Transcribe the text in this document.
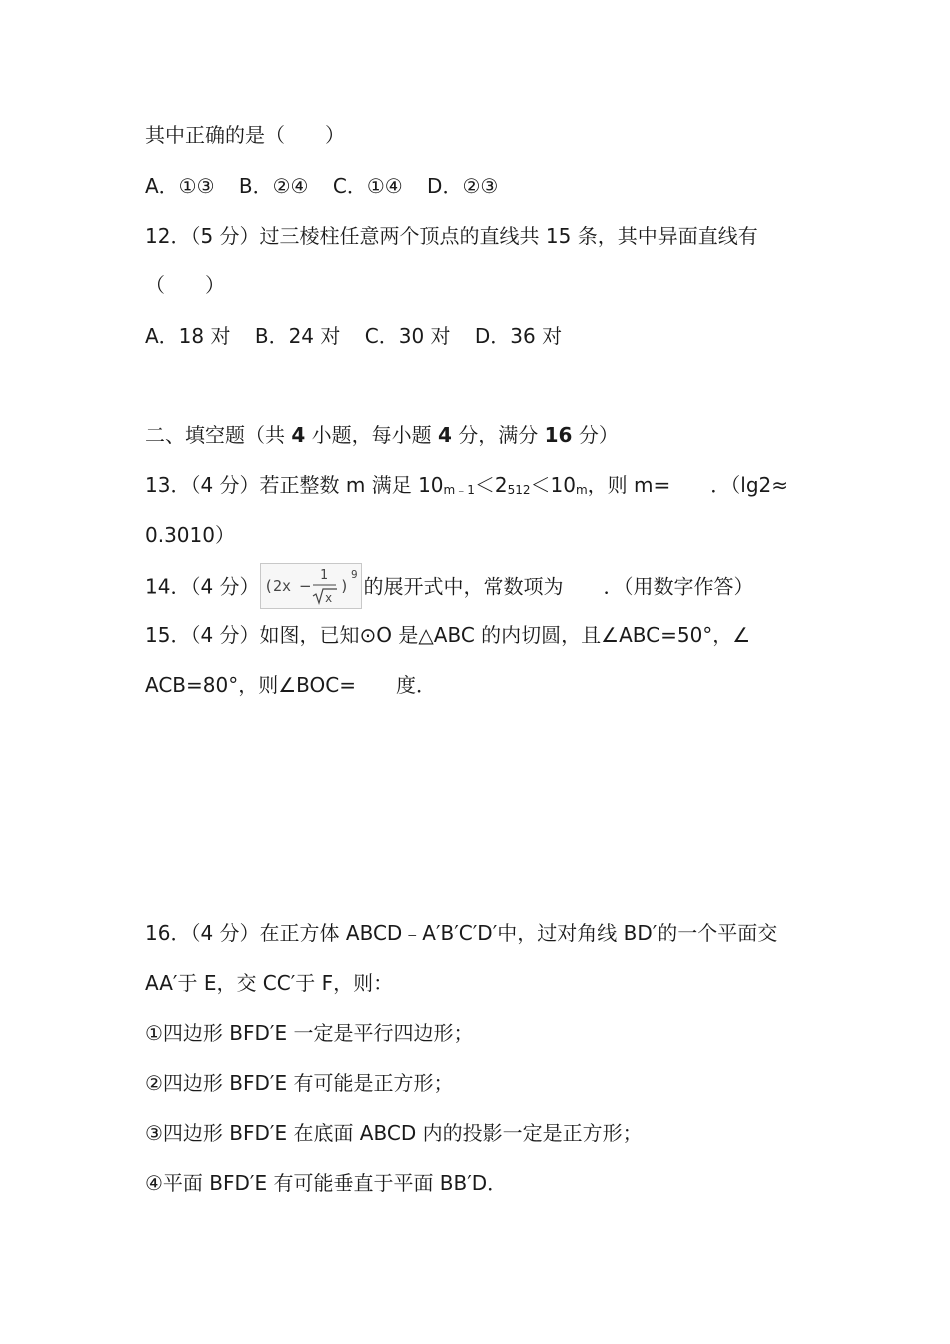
其中正确的是（　　）
A．①③ B．②④ C．①④ D．②③
12．（5 分）过三棱柱任意两个顶点的直线共 15 条，其中异面直线有
（　　）
A．18 对 B．24 对 C．30 对 D．36 对
二、填空题（共 4 小题，每小题 4 分，满分 16 分）
13．（4 分）若正整数 m 满足 $10_{m﹣1}<2_{512}<10_m$，则 m=　　．（lg2≈
0.3010）
14．（4 分） (2x −
1
x
)
9 的展开式中，常数项为　　．（用数字作答）
15．（4 分）如图，已知⊙O 是△ABC 的内切圆，且∠ABC=50°，∠
ACB=80°，则∠BOC=　　度．
16．（4 分）在正方体 ABCD﹣A′B′C′D′中，过对角线 BD′的一个平面交
AA′于 E，交 CC′于 F，则：
①四边形 BFD′E 一定是平行四边形；
②四边形 BFD′E 有可能是正方形；
③四边形 BFD′E 在底面 ABCD 内的投影一定是正方形；
④平面 BFD′E 有可能垂直于平面 BB′D．
